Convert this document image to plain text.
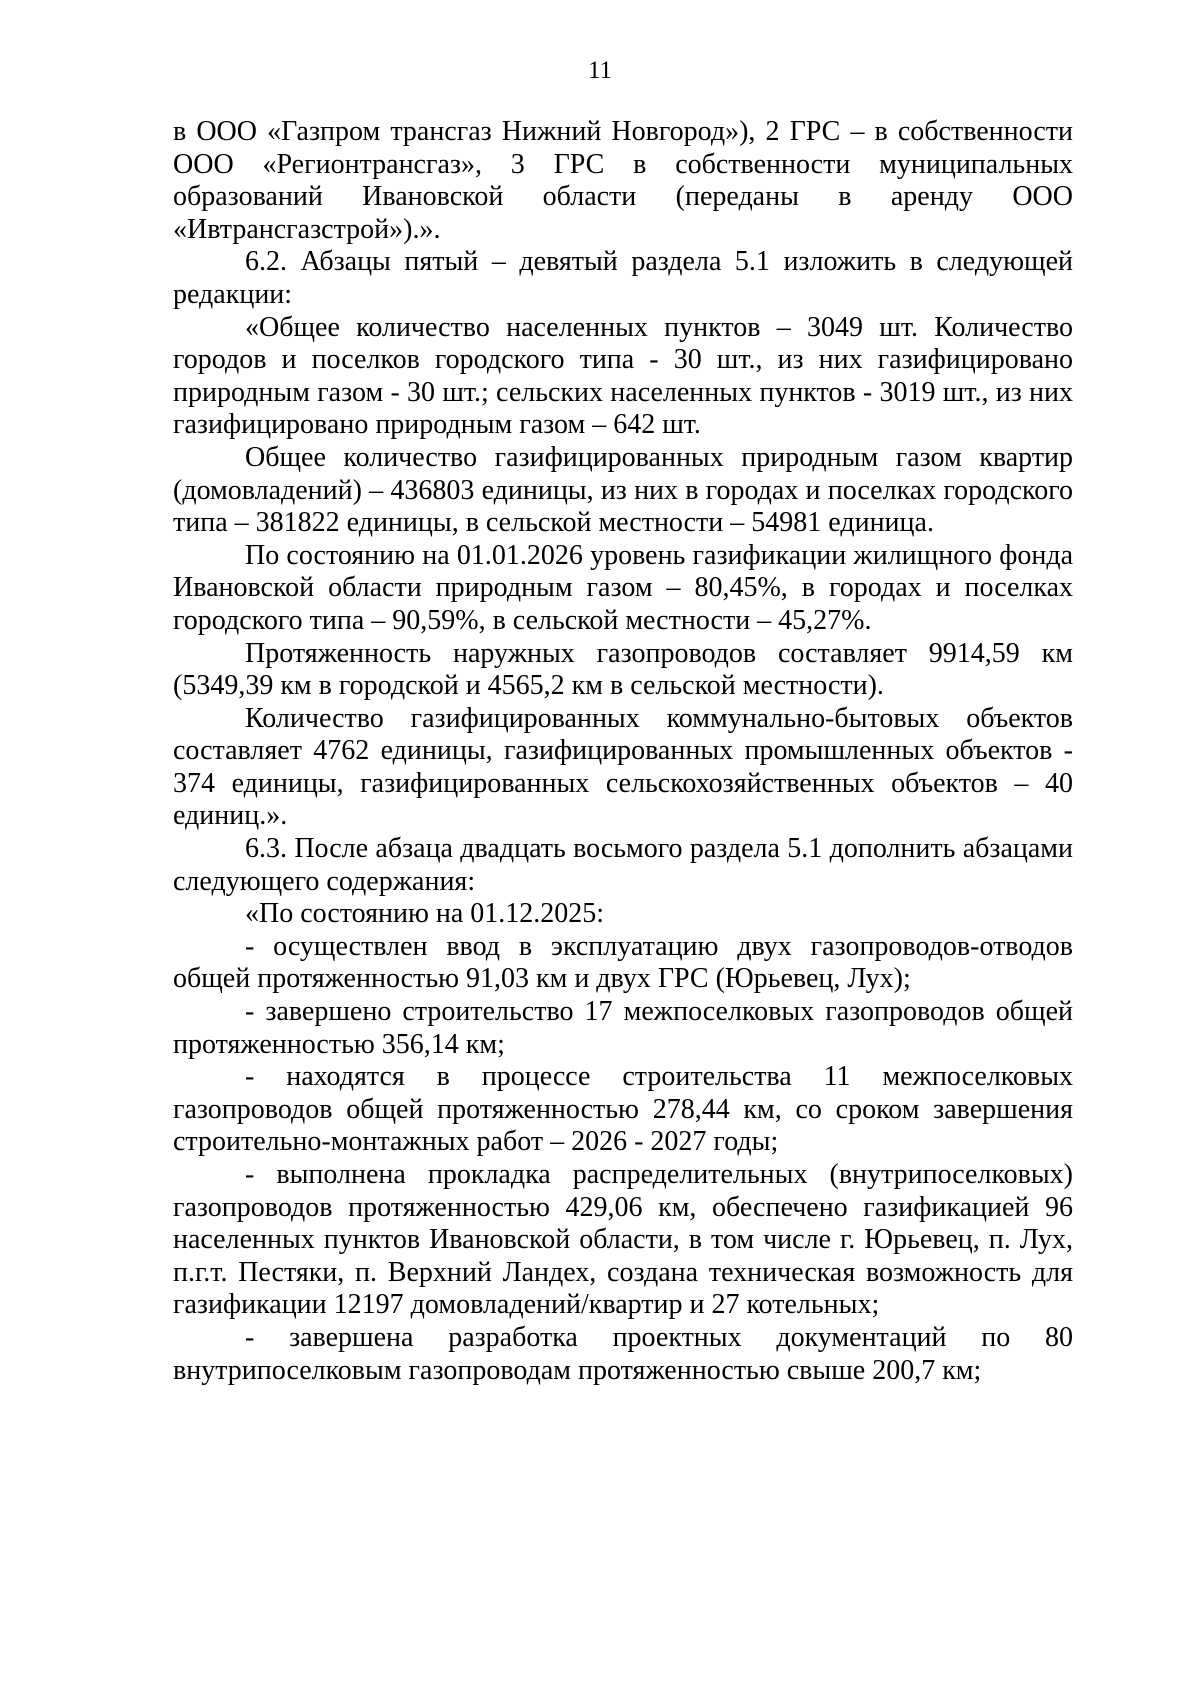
11

в ООО «Газпром трансгаз Нижний Новгород»), 2 ГРС – в собственности ООО «Регионтрансгаз», 3 ГРС в собственности муниципальных образований Ивановской области (переданы в аренду ООО «Ивтрансгазстрой»).».

6.2. Абзацы пятый – девятый раздела 5.1 изложить в следующей редакции:

«Общее количество населенных пунктов – 3049 шт. Количество городов и поселков городского типа - 30 шт., из них газифицировано природным газом - 30 шт.; сельских населенных пунктов - 3019 шт., из них газифицировано природным газом – 642 шт.

Общее количество газифицированных природным газом квартир (домовладений) – 436803 единицы, из них в городах и поселках городского типа – 381822 единицы, в сельской местности – 54981 единица.

По состоянию на 01.01.2026 уровень газификации жилищного фонда Ивановской области природным газом – 80,45%, в городах и поселках городского типа – 90,59%, в сельской местности – 45,27%.

Протяженность наружных газопроводов составляет 9914,59 км (5349,39 км в городской и 4565,2 км в сельской местности).

Количество газифицированных коммунально-бытовых объектов составляет 4762 единицы, газифицированных промышленных объектов - 374 единицы, газифицированных сельскохозяйственных объектов – 40 единиц.».

6.3. После абзаца двадцать восьмого раздела 5.1 дополнить абзацами следующего содержания:

«По состоянию на 01.12.2025:

- осуществлен ввод в эксплуатацию двух газопроводов-отводов общей протяженностью 91,03 км и двух ГРС (Юрьевец, Лух);

- завершено строительство 17 межпоселковых газопроводов общей протяженностью 356,14 км;

- находятся в процессе строительства 11 межпоселковых газопроводов общей протяженностью 278,44 км, со сроком завершения строительно-монтажных работ – 2026 - 2027 годы;

- выполнена прокладка распределительных (внутрипоселковых) газопроводов протяженностью 429,06 км, обеспечено газификацией 96 населенных пунктов Ивановской области, в том числе г. Юрьевец, п. Лух, п.г.т. Пестяки, п. Верхний Ландех, создана техническая возможность для газификации 12197 домовладений/квартир и 27 котельных;

- завершена разработка проектных документаций по 80 внутрипоселковым газопроводам протяженностью свыше 200,7 км;
